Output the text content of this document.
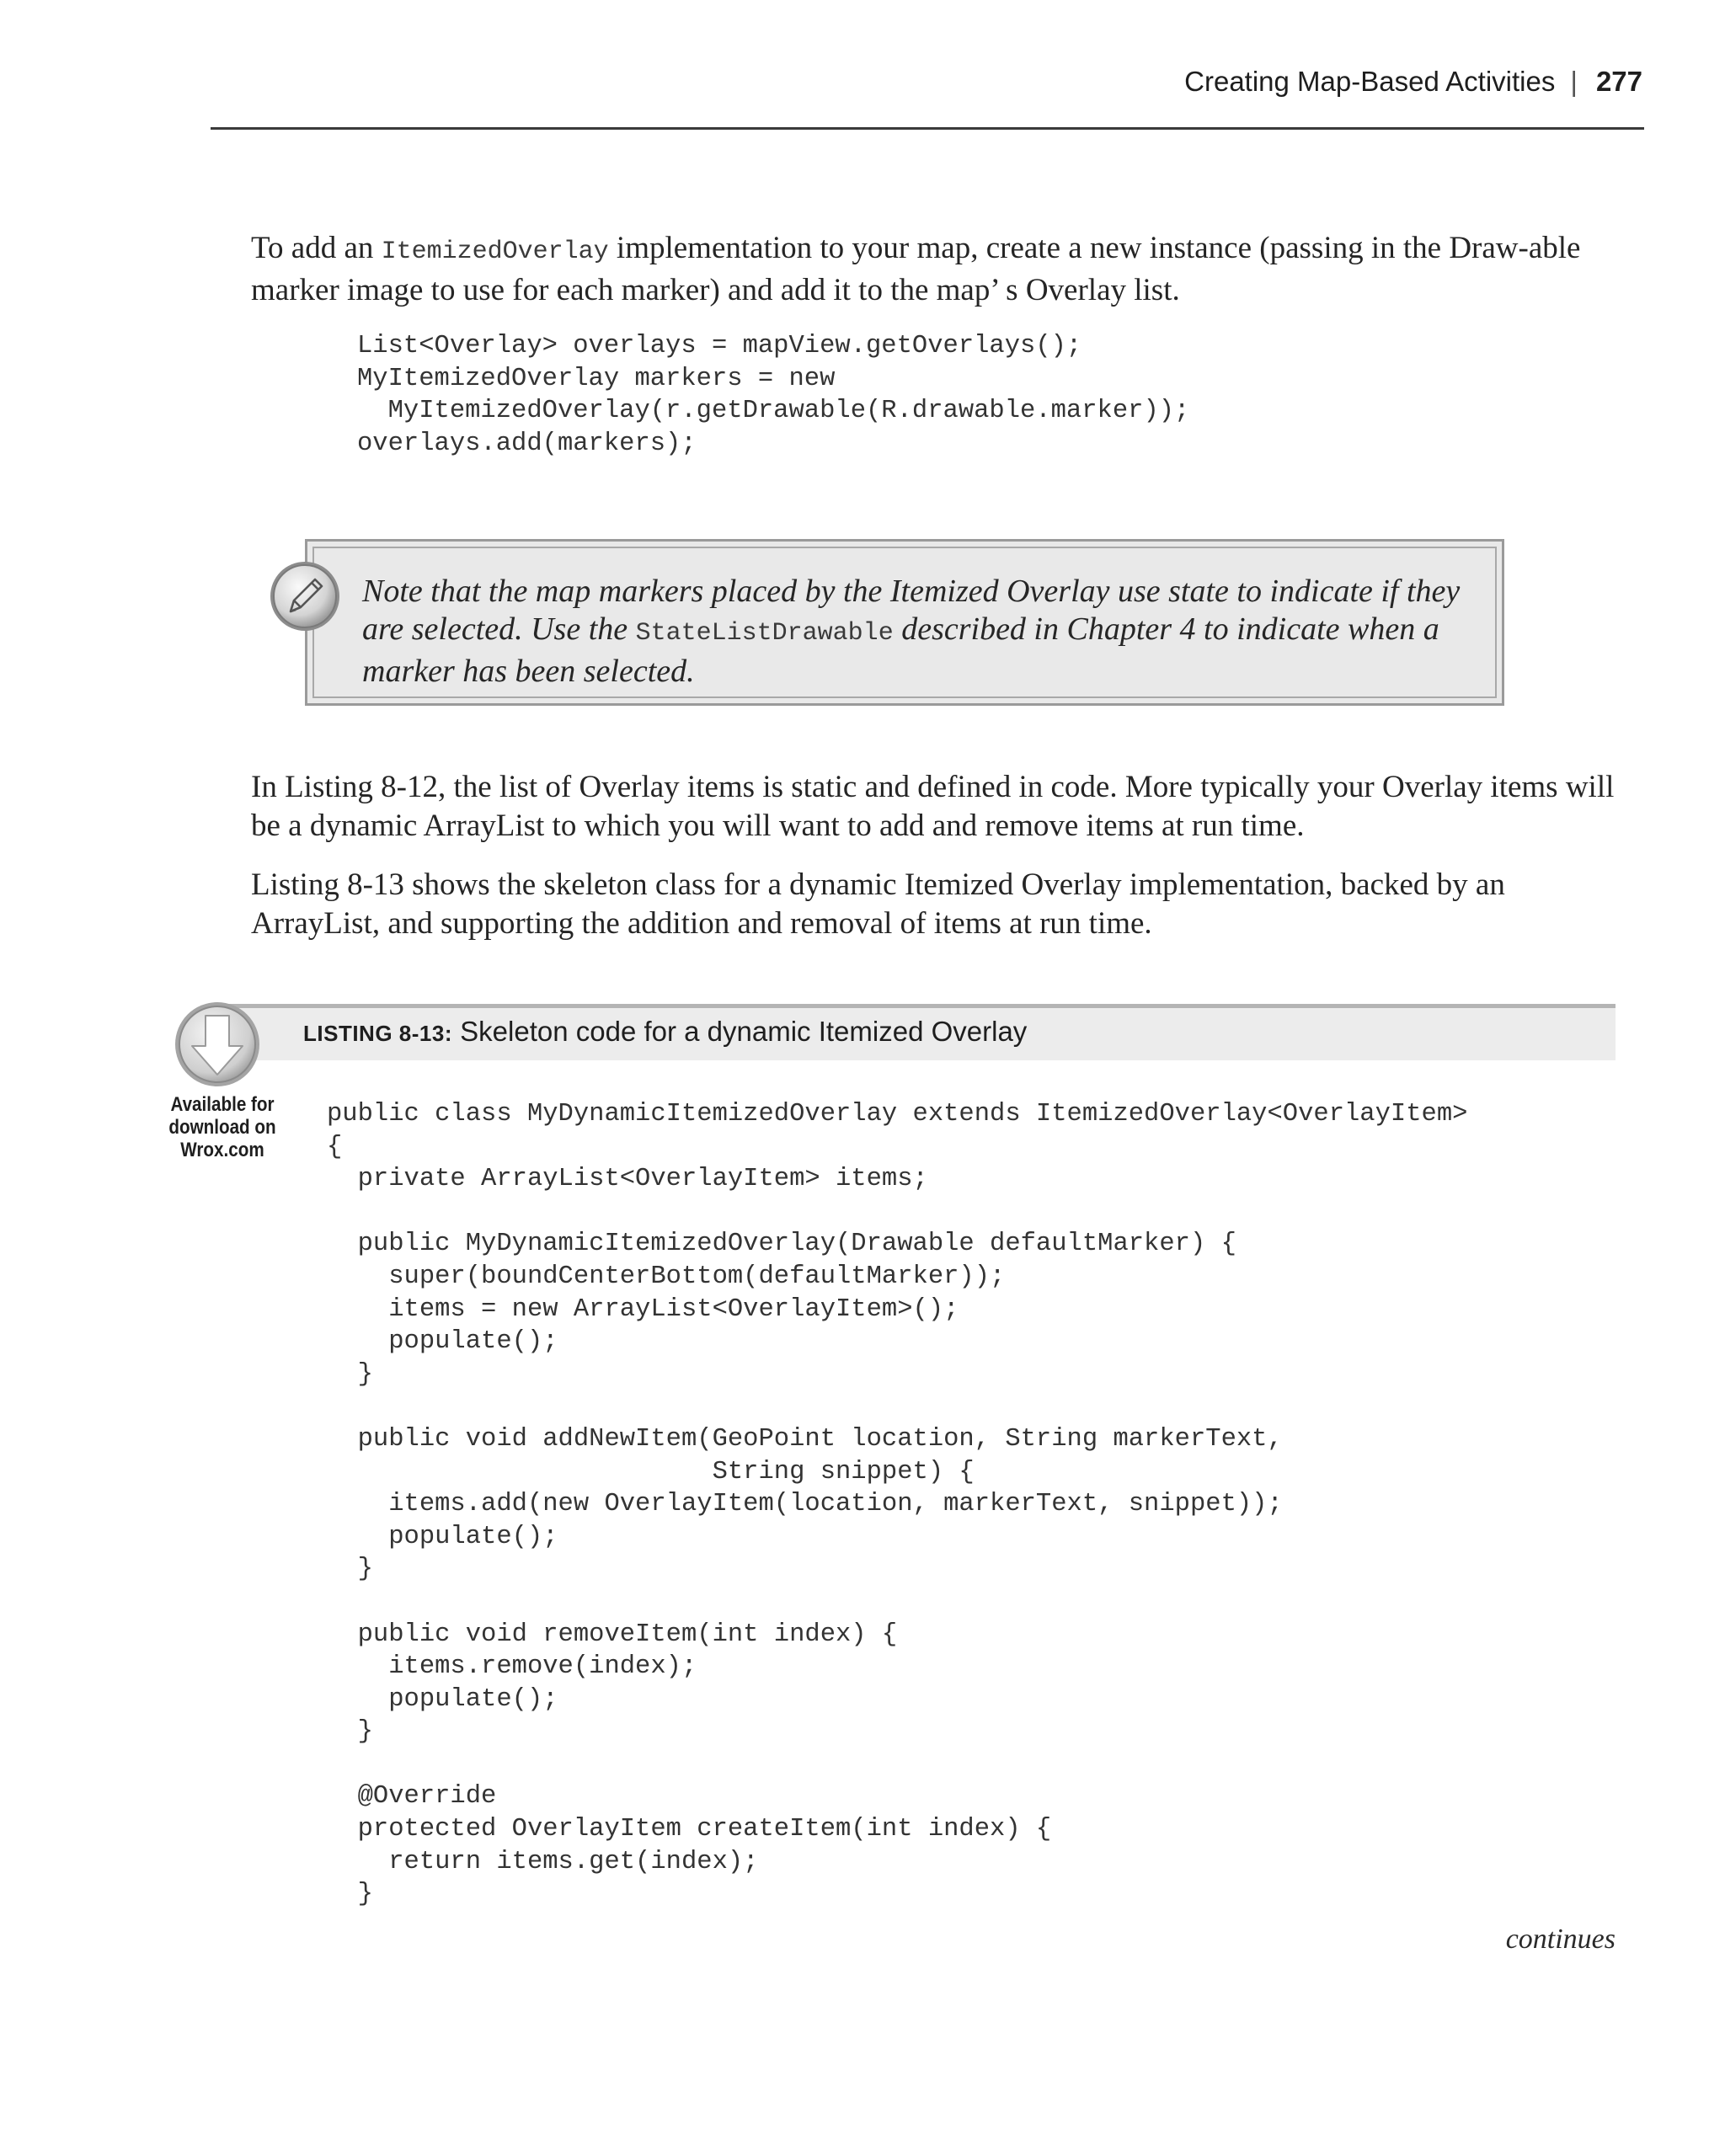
Creating Map-Based Activities | 277

To add an ItemizedOverlay implementation to your map, create a new instance (passing in the Draw-able marker image to use for each marker) and add it to the map’ s Overlay list.

List<Overlay> overlays = mapView.getOverlays();
MyItemizedOverlay markers = new
MyItemizedOverlay(r.getDrawable(R.drawable.marker));
overlays.add(markers);

Note that the map markers placed by the Itemized Overlay use state to indicate if they are selected. Use the StateListDrawable described in Chapter 4 to indicate when a marker has been selected.

In Listing 8-12, the list of Overlay items is static and defined in code. More typically your Overlay items will be a dynamic ArrayList to which you will want to add and remove items at run time.

Listing 8-13 shows the skeleton class for a dynamic Itemized Overlay implementation, backed by an ArrayList, and supporting the addition and removal of items at run time.

LISTING 8-13: Skeleton code for a dynamic Itemized Overlay
Available for
download on
Wrox.com
public class MyDynamicItemizedOverlay extends ItemizedOverlay<OverlayItem>
{
private ArrayList<OverlayItem> items;

public MyDynamicItemizedOverlay(Drawable defaultMarker) {
super(boundCenterBottom(defaultMarker));
items = new ArrayList<OverlayItem>();
populate();
}

public void addNewItem(GeoPoint location, String markerText,
String snippet) {
items.add(new OverlayItem(location, markerText, snippet));
populate();
}

public void removeItem(int index) {
items.remove(index);
populate();
}

@Override
protected OverlayItem createItem(int index) {
return items.get(index);
}
continues
